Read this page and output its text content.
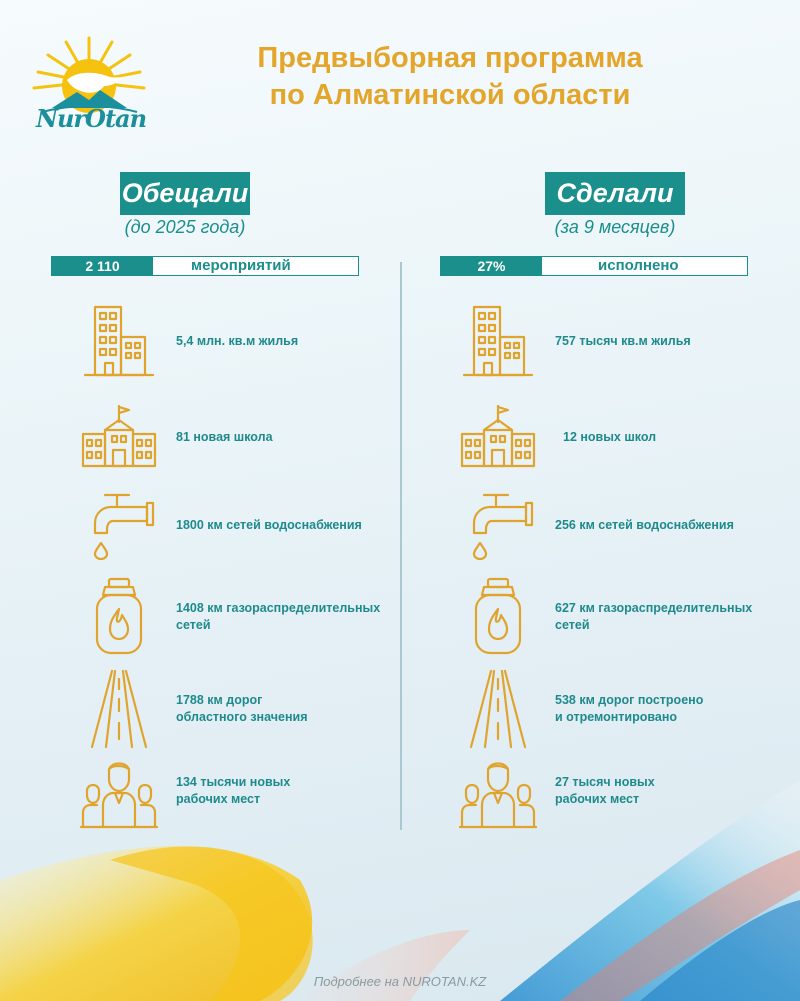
NurOtan
Предвыборная программа
по Алматинской области
Обещали
(до 2025 года)
Сделали
(за 9 месяцев)
2 110	мероприятий	27%	исполнено
5,4 млн. кв.м жилья
81 новая школа
1800 км сетей водоснабжения
1408 км газораспределительных
сетей
1788 км дорог
областного значения
134 тысячи новых
рабочих мест
757 тысяч кв.м жилья
12 новых школ
256 км сетей водоснабжения
627 км газораспределительных
сетей
538 км дорог построено
и отремонтировано
27 тысяч новых
рабочих мест
Подробнее на NUROTAN.KZ
